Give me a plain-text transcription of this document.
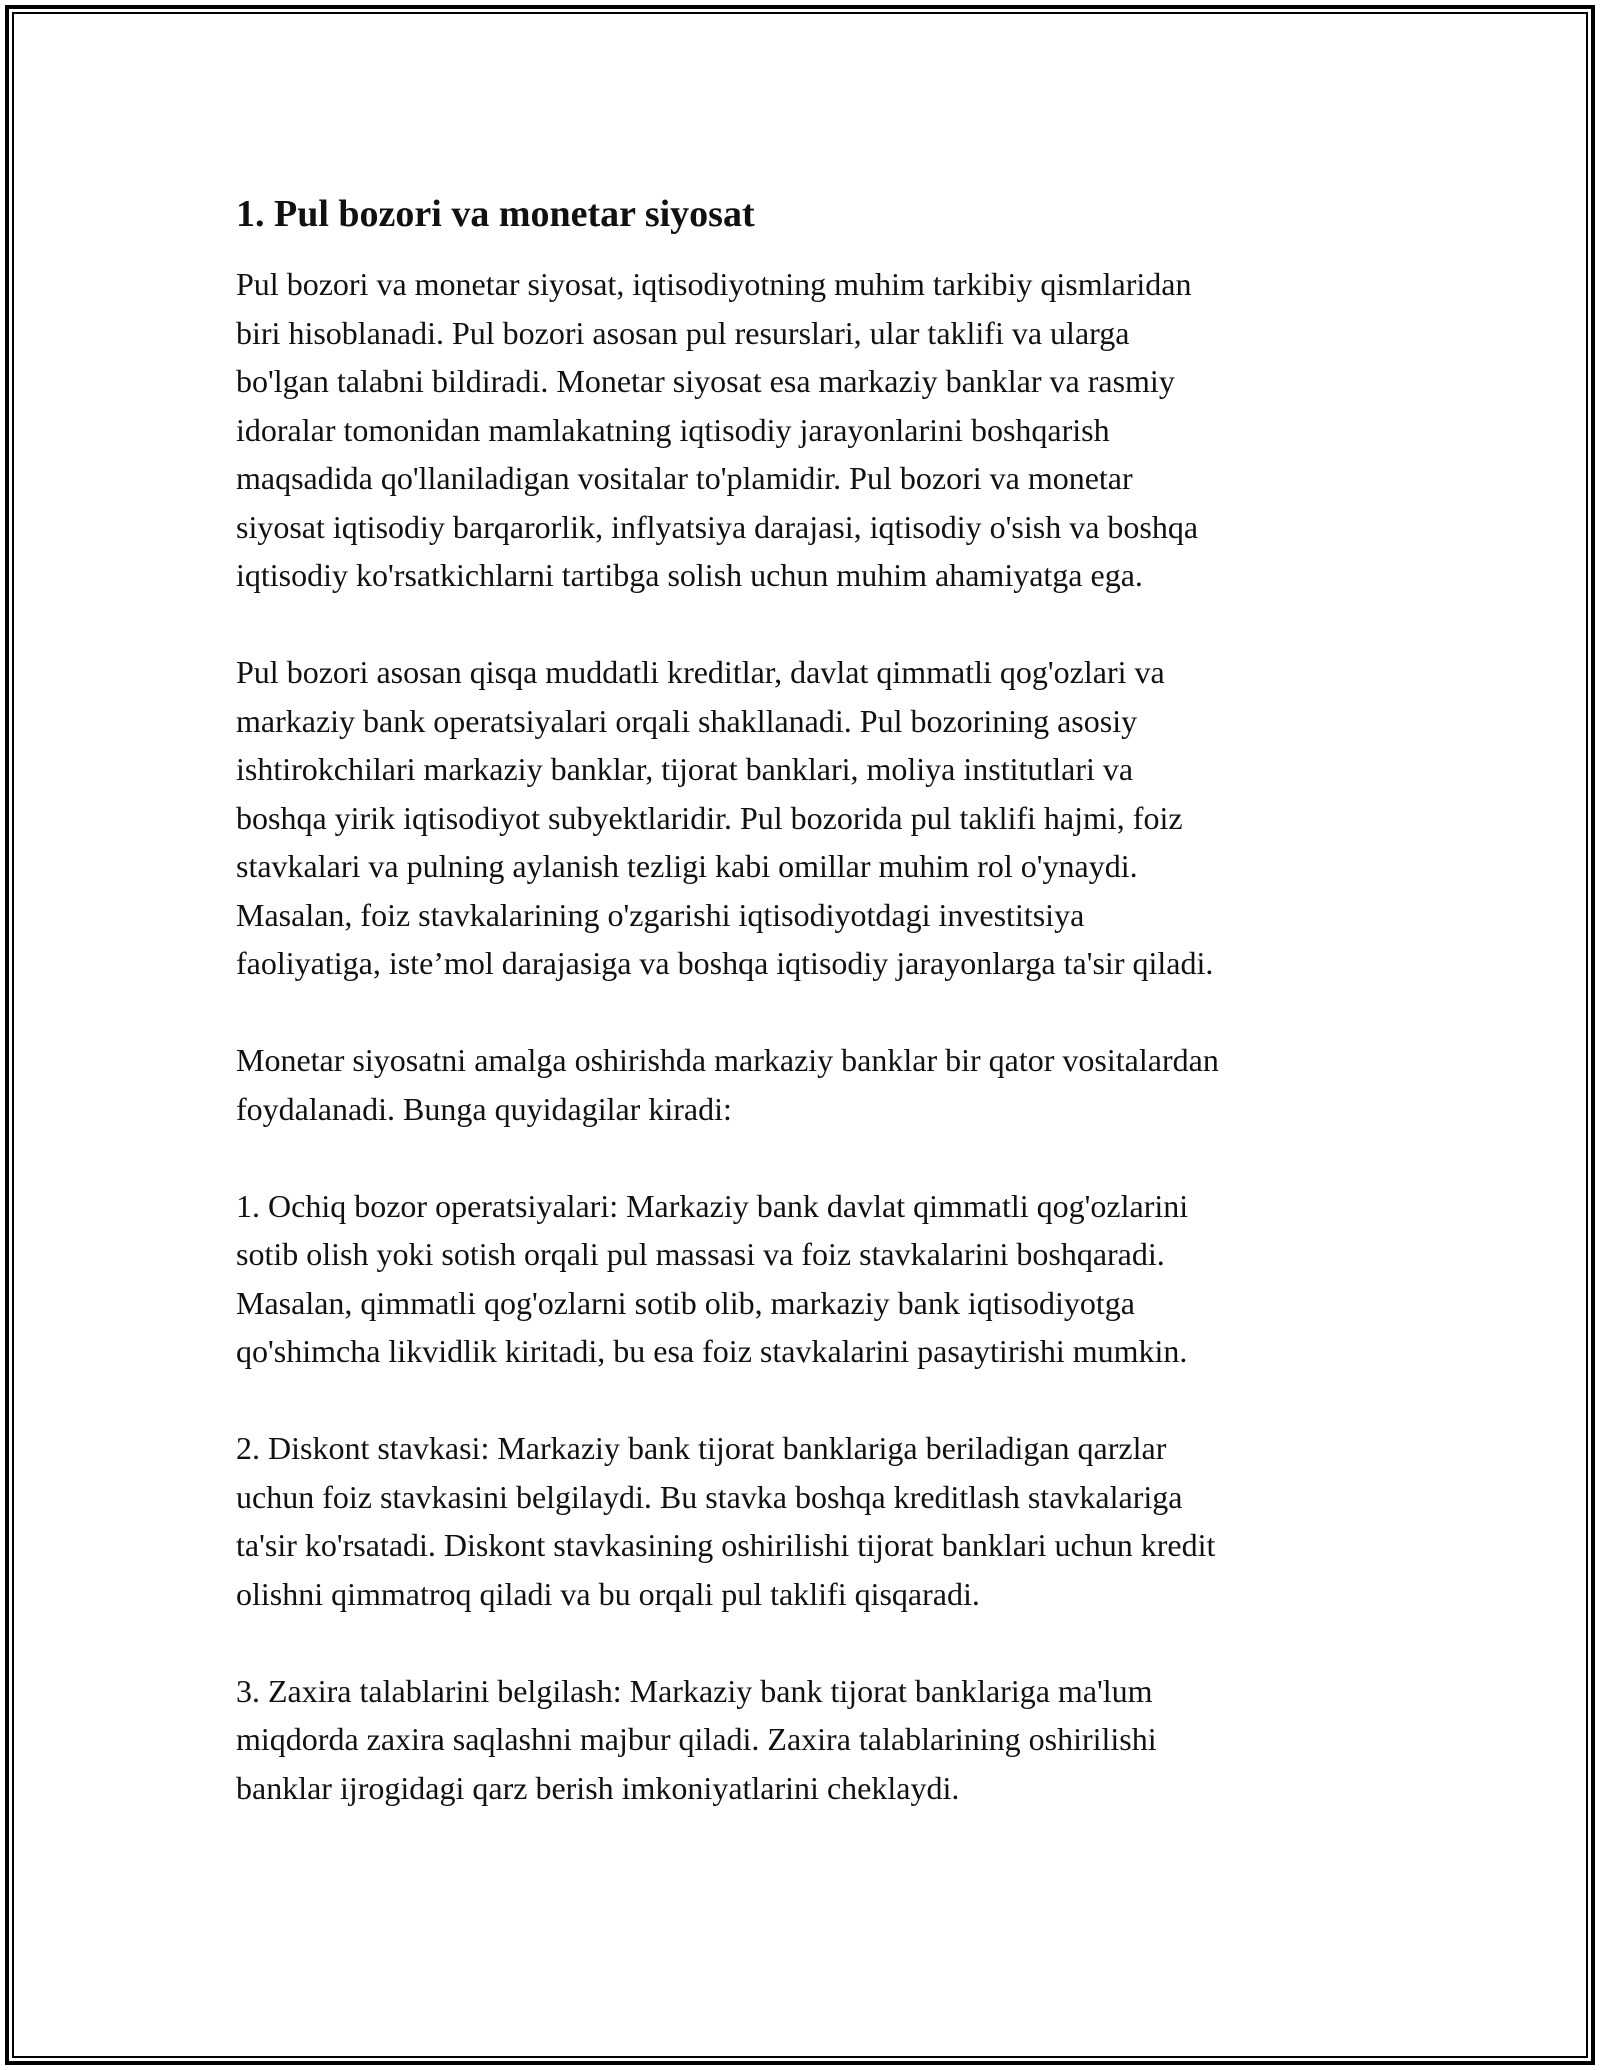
1. Pul bozori va monetar siyosat

Pul bozori va monetar siyosat, iqtisodiyotning muhim tarkibiy qismlaridan
biri hisoblanadi. Pul bozori asosan pul resurslari, ular taklifi va ularga
bo'lgan talabni bildiradi. Monetar siyosat esa markaziy banklar va rasmiy
idoralar tomonidan mamlakatning iqtisodiy jarayonlarini boshqarish
maqsadida qo'llaniladigan vositalar to'plamidir. Pul bozori va monetar
siyosat iqtisodiy barqarorlik, inflyatsiya darajasi, iqtisodiy o'sish va boshqa
iqtisodiy ko'rsatkichlarni tartibga solish uchun muhim ahamiyatga ega.

Pul bozori asosan qisqa muddatli kreditlar, davlat qimmatli qog'ozlari va
markaziy bank operatsiyalari orqali shakllanadi. Pul bozorining asosiy
ishtirokchilari markaziy banklar, tijorat banklari, moliya institutlari va
boshqa yirik iqtisodiyot subyektlaridir. Pul bozorida pul taklifi hajmi, foiz
stavkalari va pulning aylanish tezligi kabi omillar muhim rol o'ynaydi.
Masalan, foiz stavkalarining o'zgarishi iqtisodiyotdagi investitsiya
faoliyatiga, iste’mol darajasiga va boshqa iqtisodiy jarayonlarga ta'sir qiladi.

Monetar siyosatni amalga oshirishda markaziy banklar bir qator vositalardan
foydalanadi. Bunga quyidagilar kiradi:

1. Ochiq bozor operatsiyalari: Markaziy bank davlat qimmatli qog'ozlarini
sotib olish yoki sotish orqali pul massasi va foiz stavkalarini boshqaradi.
Masalan, qimmatli qog'ozlarni sotib olib, markaziy bank iqtisodiyotga
qo'shimcha likvidlik kiritadi, bu esa foiz stavkalarini pasaytirishi mumkin.

2. Diskont stavkasi: Markaziy bank tijorat banklariga beriladigan qarzlar
uchun foiz stavkasini belgilaydi. Bu stavka boshqa kreditlash stavkalariga
ta'sir ko'rsatadi. Diskont stavkasining oshirilishi tijorat banklari uchun kredit
olishni qimmatroq qiladi va bu orqali pul taklifi qisqaradi.

3. Zaxira talablarini belgilash: Markaziy bank tijorat banklariga ma'lum
miqdorda zaxira saqlashni majbur qiladi. Zaxira talablarining oshirilishi
banklar ijrogidagi qarz berish imkoniyatlarini cheklaydi.
